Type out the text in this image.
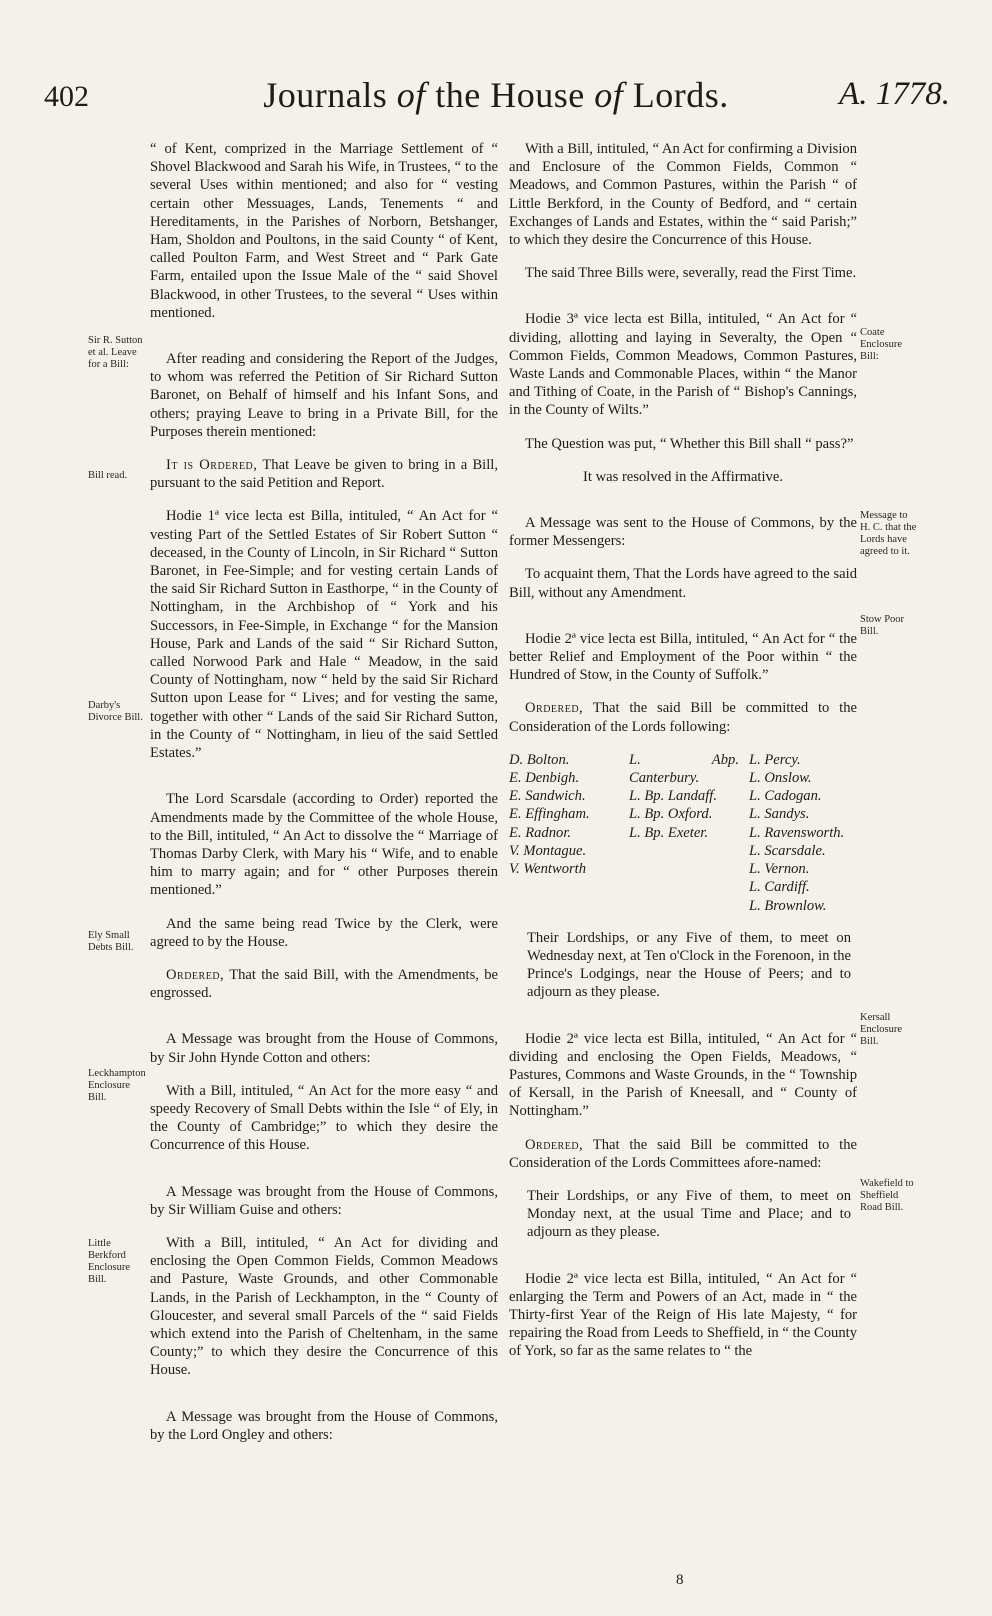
402	Journals of the House of Lords.	A. 1778.
Sir R. Sutton et al. Leave for a Bill:
Bill read.
Darby's Divorce Bill.
Ely Small Debts Bill.
Leckhampton Enclosure Bill.
Little Berkford Enclosure Bill.
Coate Enclosure Bill:
Message to H. C. that the Lords have agreed to it.
Stow Poor Bill.
Kersall Enclosure Bill.
Wakefield to Sheffield Road Bill.

“ of Kent, comprized in the Marriage Settlement of “ Shovel Blackwood and Sarah his Wife, in Trustees, “ to the several Uses within mentioned; and also for “ vesting certain other Messuages, Lands, Tenements “ and Hereditaments, in the Parishes of Norborn, Betshanger, Ham, Sholdon and Poultons, in the said County “ of Kent, called Poulton Farm, and West Street and “ Park Gate Farm, entailed upon the Issue Male of the “ said Shovel Blackwood, in other Trustees, to the several “ Uses within mentioned.

After reading and considering the Report of the Judges, to whom was referred the Petition of Sir Richard Sutton Baronet, on Behalf of himself and his Infant Sons, and others; praying Leave to bring in a Private Bill, for the Purposes therein mentioned:

It is Ordered, That Leave be given to bring in a Bill, pursuant to the said Petition and Report.

Hodie 1ª vice lecta est Billa, intituled, “ An Act for “ vesting Part of the Settled Estates of Sir Robert Sutton “ deceased, in the County of Lincoln, in Sir Richard “ Sutton Baronet, in Fee-Simple; and for vesting certain Lands of the said Sir Richard Sutton in Easthorpe, “ in the County of Nottingham, in the Archbishop of “ York and his Successors, in Fee-Simple, in Exchange “ for the Mansion House, Park and Lands of the said “ Sir Richard Sutton, called Norwood Park and Hale “ Meadow, in the said County of Nottingham, now “ held by the said Sir Richard Sutton upon Lease for “ Lives; and for vesting the same, together with other “ Lands of the said Sir Richard Sutton, in the County of “ Nottingham, in lieu of the said Settled Estates.”

The Lord Scarsdale (according to Order) reported the Amendments made by the Committee of the whole House, to the Bill, intituled, “ An Act to dissolve the “ Marriage of Thomas Darby Clerk, with Mary his “ Wife, and to enable him to marry again; and for “ other Purposes therein mentioned.”

And the same being read Twice by the Clerk, were agreed to by the House.

Ordered, That the said Bill, with the Amendments, be engrossed.

A Message was brought from the House of Commons, by Sir John Hynde Cotton and others:

With a Bill, intituled, “ An Act for the more easy “ and speedy Recovery of Small Debts within the Isle “ of Ely, in the County of Cambridge;” to which they desire the Concurrence of this House.

A Message was brought from the House of Commons, by Sir William Guise and others:

With a Bill, intituled, “ An Act for dividing and enclosing the Open Common Fields, Common Meadows and Pasture, Waste Grounds, and other Commonable Lands, in the Parish of Leckhampton, in the “ County of Gloucester, and several small Parcels of the “ said Fields which extend into the Parish of Cheltenham, in the same County;” to which they desire the Concurrence of this House.

A Message was brought from the House of Commons, by the Lord Ongley and others:

With a Bill, intituled, “ An Act for confirming a Division and Enclosure of the Common Fields, Common “ Meadows, and Common Pastures, within the Parish “ of Little Berkford, in the County of Bedford, and “ certain Exchanges of Lands and Estates, within the “ said Parish;” to which they desire the Concurrence of this House.

The said Three Bills were, severally, read the First Time.

Hodie 3ª vice lecta est Billa, intituled, “ An Act for “ dividing, allotting and laying in Severalty, the Open “ Common Fields, Common Meadows, Common Pastures, Waste Lands and Commonable Places, within “ the Manor and Tithing of Coate, in the Parish of “ Bishop's Cannings, in the County of Wilts.”

The Question was put, “ Whether this Bill shall “ pass?”

It was resolved in the Affirmative.

A Message was sent to the House of Commons, by the former Messengers:

To acquaint them, That the Lords have agreed to the said Bill, without any Amendment.

Hodie 2ª vice lecta est Billa, intituled, “ An Act for “ the better Relief and Employment of the Poor within “ the Hundred of Stow, in the County of Suffolk.”

Ordered, That the said Bill be committed to the Consideration of the Lords following:

D. Bolton.
E. Denbigh.
E. Sandwich.
E. Effingham.
E. Radnor.
V. Montague.
V. Wentworth
L. Abp. Canterbury.
L. Bp. Landaff.
L. Bp. Oxford.
L. Bp. Exeter.
L. Percy.
L. Onslow.
L. Cadogan.
L. Sandys.
L. Ravensworth.
L. Scarsdale.
L. Vernon.
L. Cardiff.
L. Brownlow.

Their Lordships, or any Five of them, to meet on Wednesday next, at Ten o'Clock in the Forenoon, in the Prince's Lodgings, near the House of Peers; and to adjourn as they please.

Hodie 2ª vice lecta est Billa, intituled, “ An Act for “ dividing and enclosing the Open Fields, Meadows, “ Pastures, Commons and Waste Grounds, in the “ Township of Kersall, in the Parish of Kneesall, and “ County of Nottingham.”

Ordered, That the said Bill be committed to the Consideration of the Lords Committees afore-named:

Their Lordships, or any Five of them, to meet on Monday next, at the usual Time and Place; and to adjourn as they please.

Hodie 2ª vice lecta est Billa, intituled, “ An Act for “ enlarging the Term and Powers of an Act, made in “ the Thirty-first Year of the Reign of His late Majesty, “ for repairing the Road from Leeds to Sheffield, in “ the County of York, so far as the same relates to “ the

8
